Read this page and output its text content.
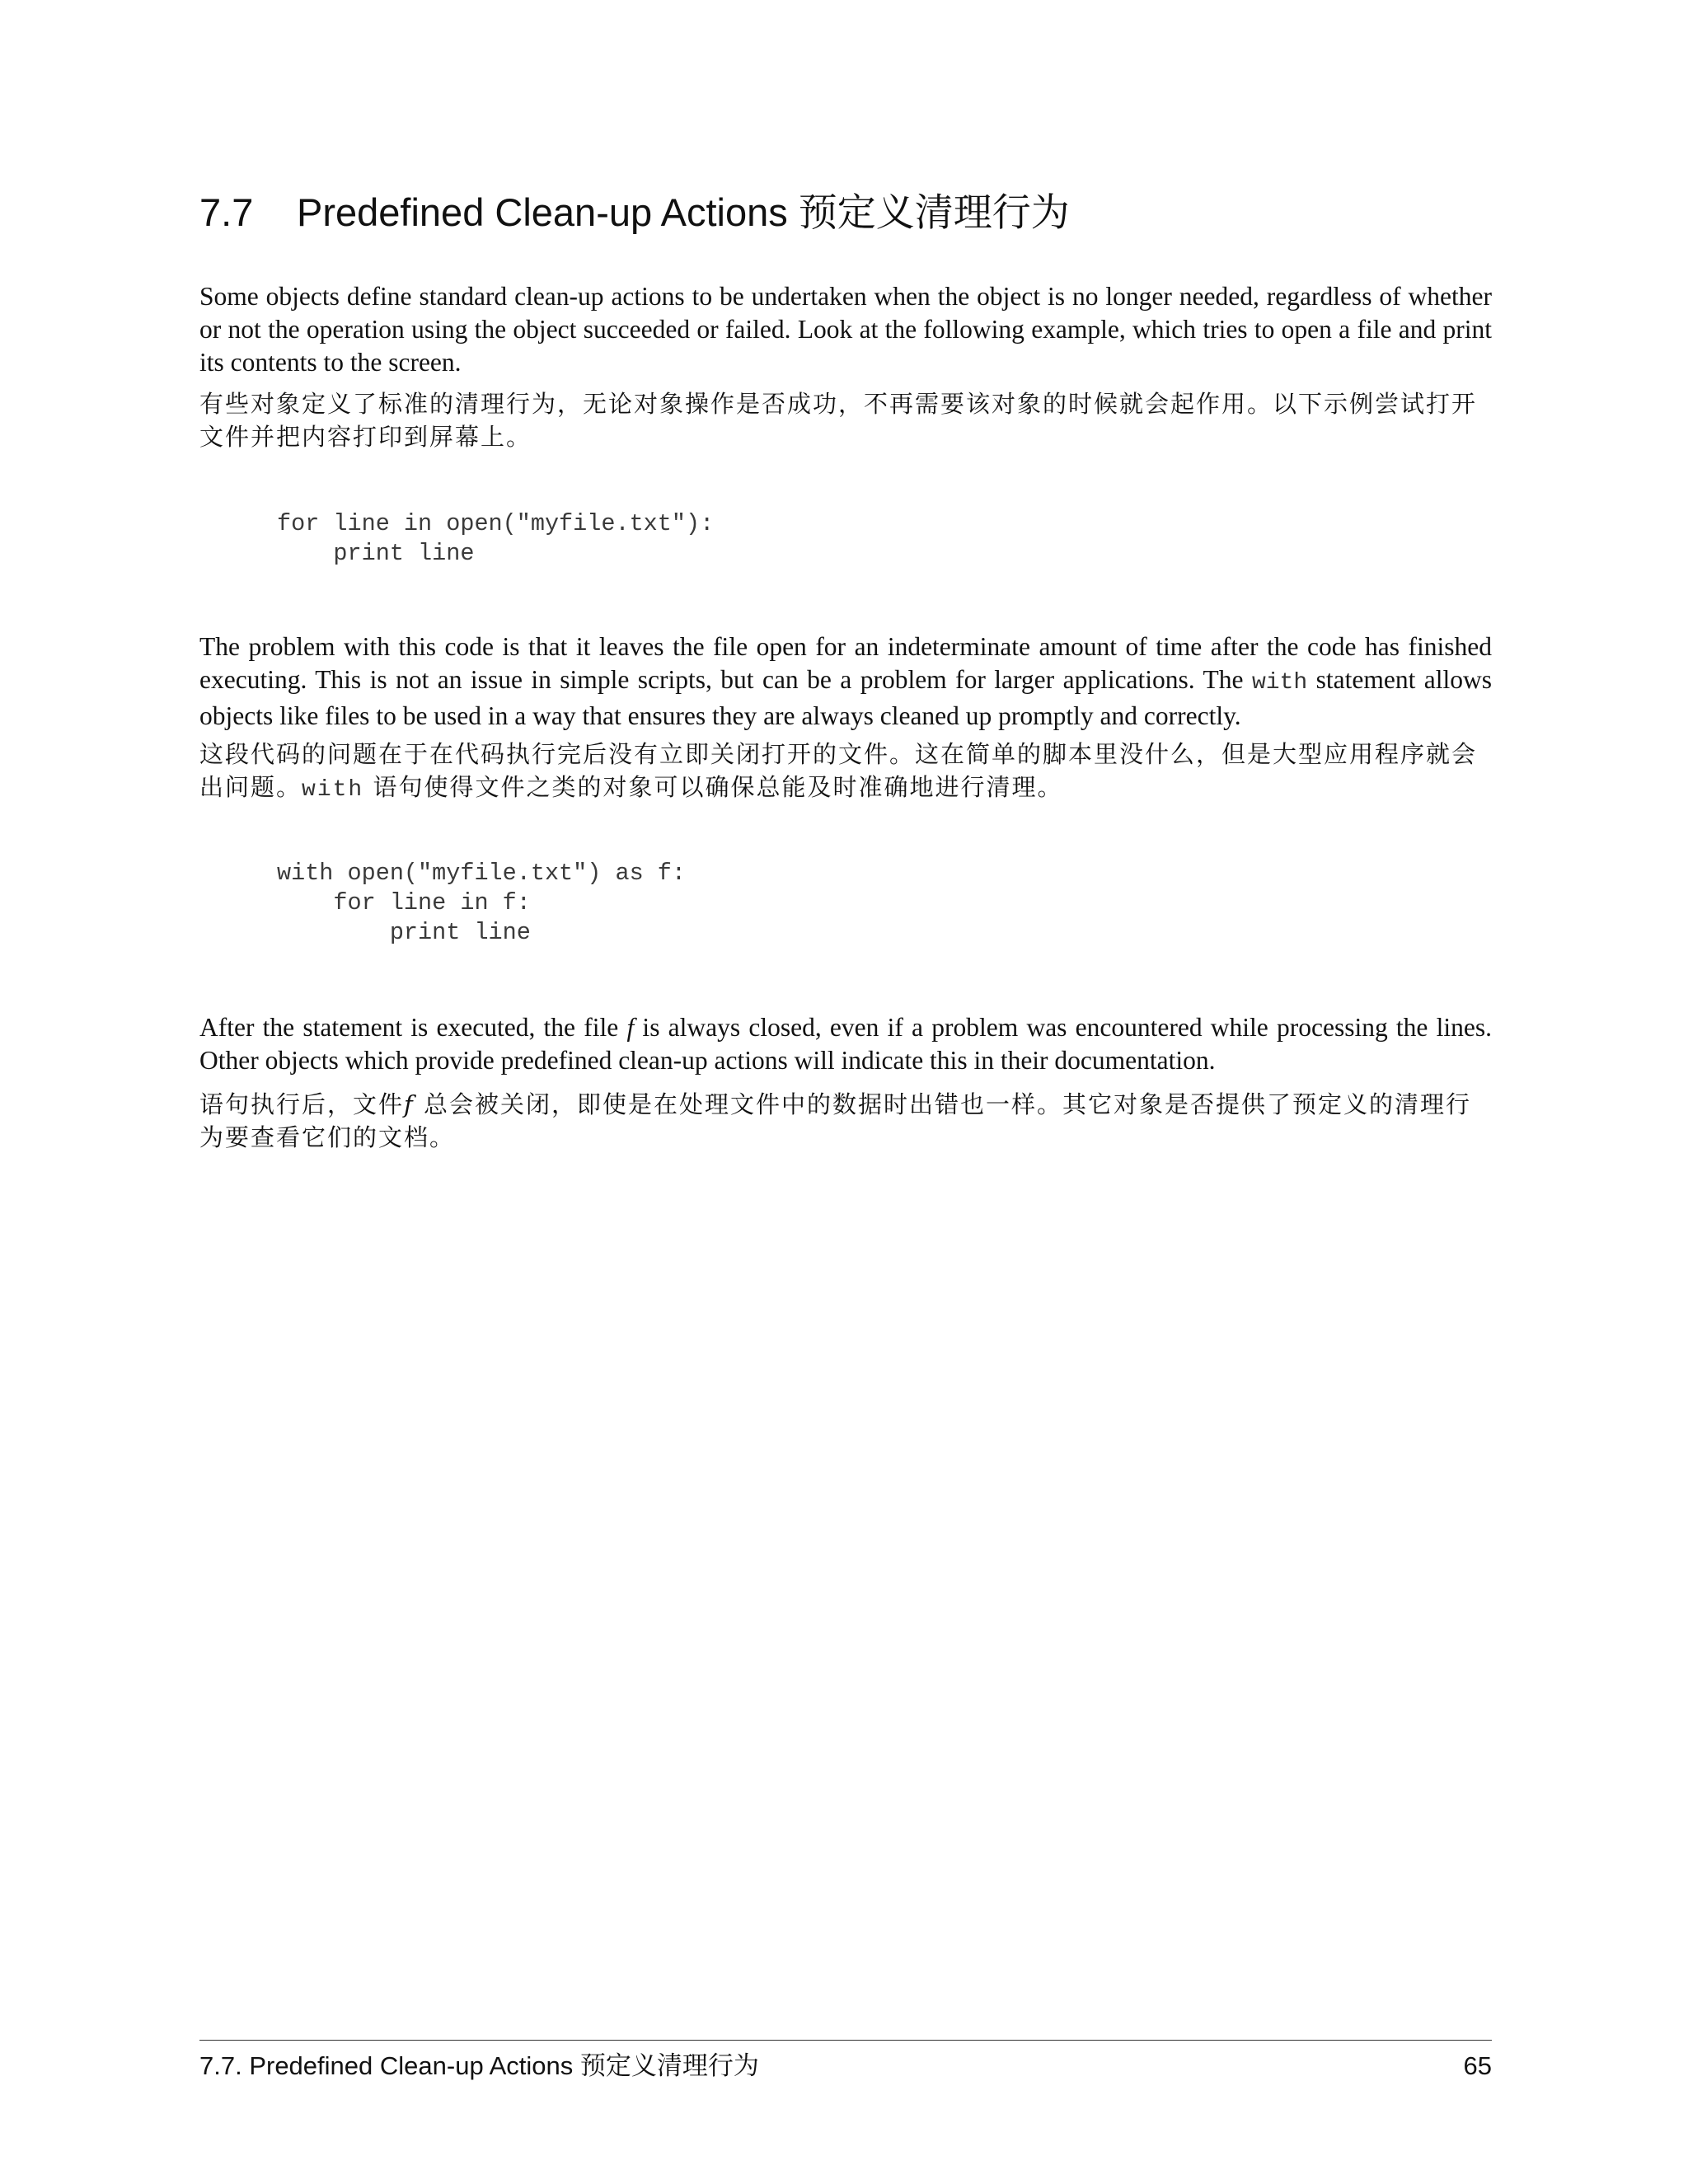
7.7 Predefined Clean-up Actions 预定义清理行为

Some objects define standard clean-up actions to be undertaken when the object is no longer needed, regardless of whether or not the operation using the object succeeded or failed. Look at the following example, which tries to open a file and print its contents to the screen.

有些对象定义了标准的清理行为，无论对象操作是否成功，不再需要该对象的时候就会起作用。以下示例尝试打开文件并把内容打印到屏幕上。

for line in open("myfile.txt"):
print line

The problem with this code is that it leaves the file open for an indeterminate amount of time after the code has finished executing. This is not an issue in simple scripts, but can be a problem for larger applications. The with statement allows objects like files to be used in a way that ensures they are always cleaned up promptly and correctly.

这段代码的问题在于在代码执行完后没有立即关闭打开的文件。这在简单的脚本里没什么，但是大型应用程序就会出问题。with 语句使得文件之类的对象可以确保总能及时准确地进行清理。

with open("myfile.txt") as f:
for line in f:
print line

After the statement is executed, the file f is always closed, even if a problem was encountered while processing the lines. Other objects which provide predefined clean-up actions will indicate this in their documentation.

语句执行后，文件f 总会被关闭，即使是在处理文件中的数据时出错也一样。其它对象是否提供了预定义的清理行为要查看它们的文档。

7.7. Predefined Clean-up Actions 预定义清理行为	65
